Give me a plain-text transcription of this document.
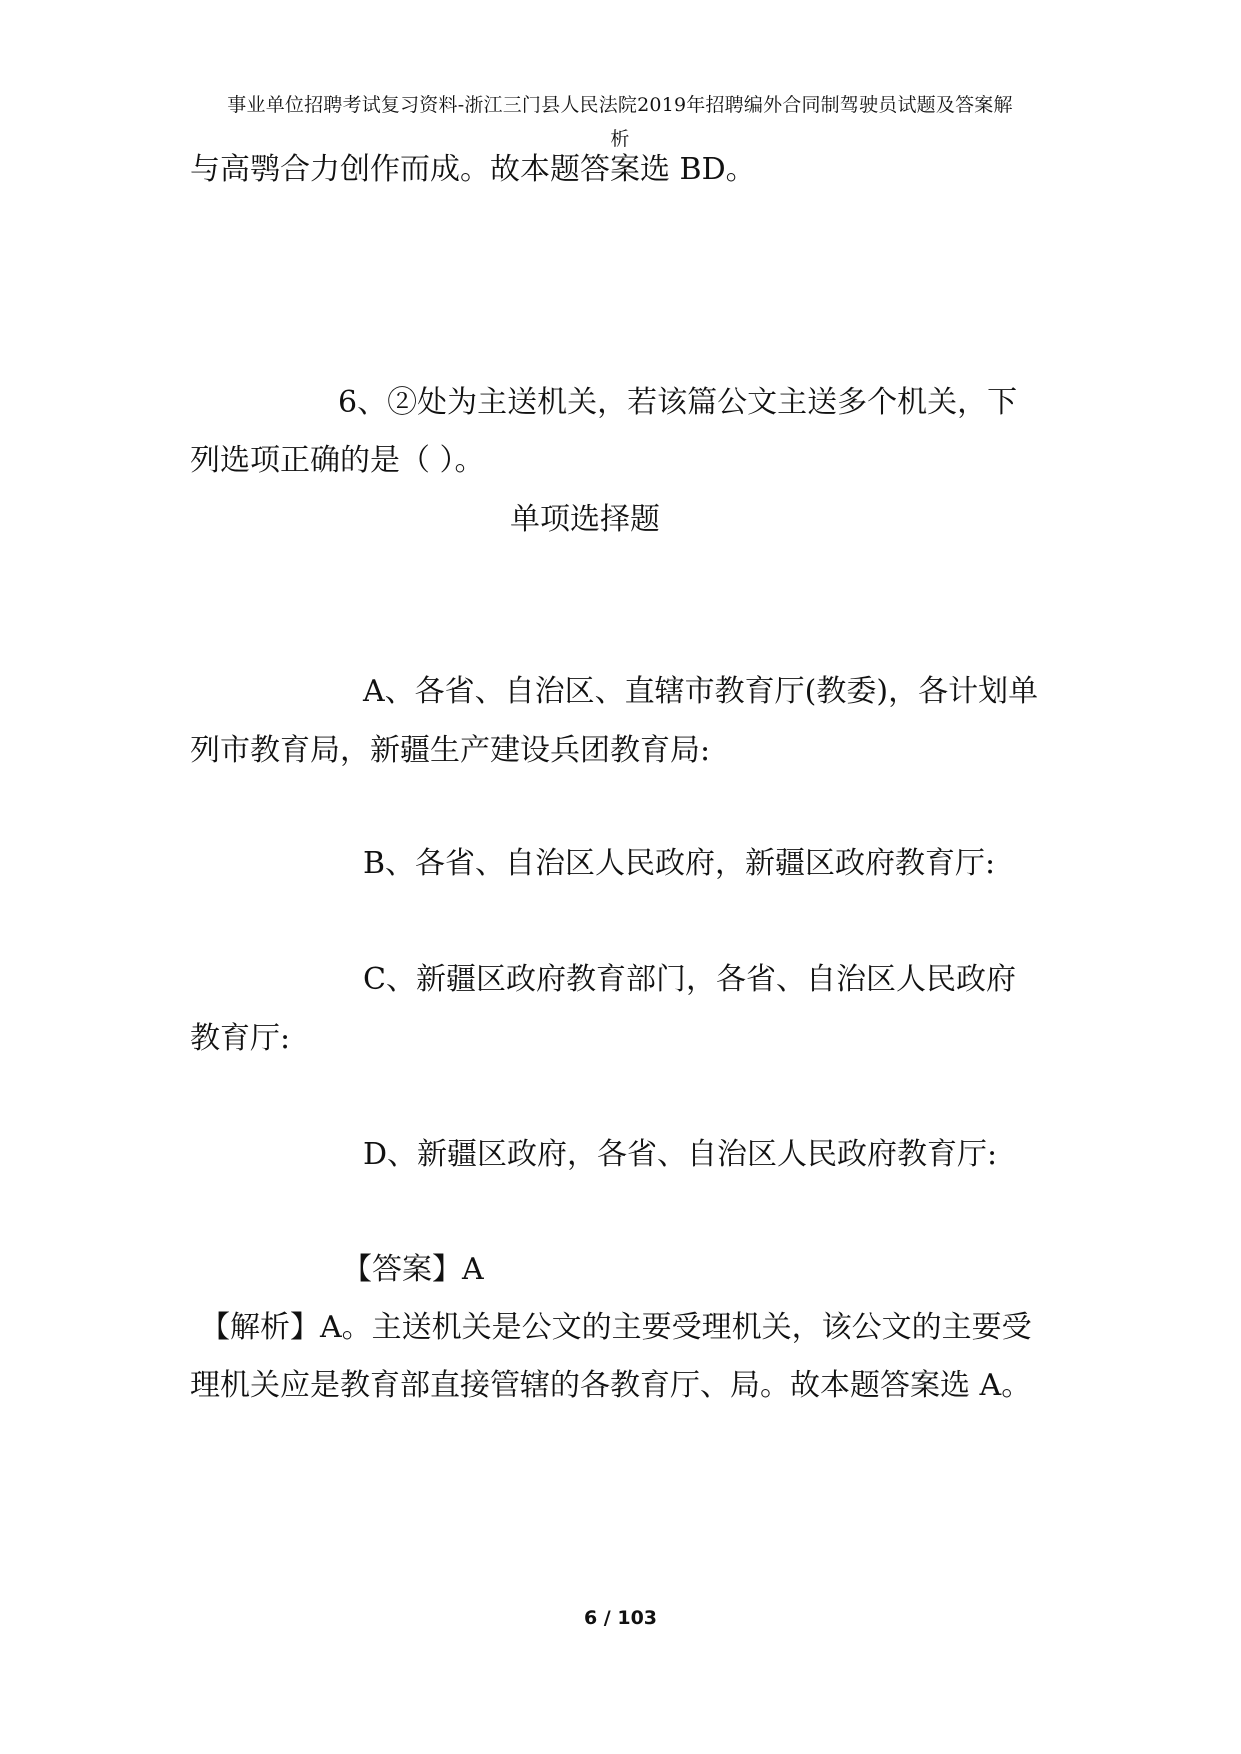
事业单位招聘考试复习资料-浙江三门县人民法院2019年招聘编外合同制驾驶员试题及答案解
析
与高鹗合力创作而成。故本题答案选 BD。
6、②处为主送机关，若该篇公文主送多个机关，下
列选项正确的是（ ）。
单项选择题
A、各省、自治区、直辖市教育厅(教委)，各计划单
列市教育局，新疆生产建设兵团教育局:
B、各省、自治区人民政府，新疆区政府教育厅:
C、新疆区政府教育部门，各省、自治区人民政府
教育厅:
D、新疆区政府，各省、自治区人民政府教育厅:
【答案】A
【解析】A。主送机关是公文的主要受理机关，该公文的主要受
理机关应是教育部直接管辖的各教育厅、局。故本题答案选 A。
6 / 103
